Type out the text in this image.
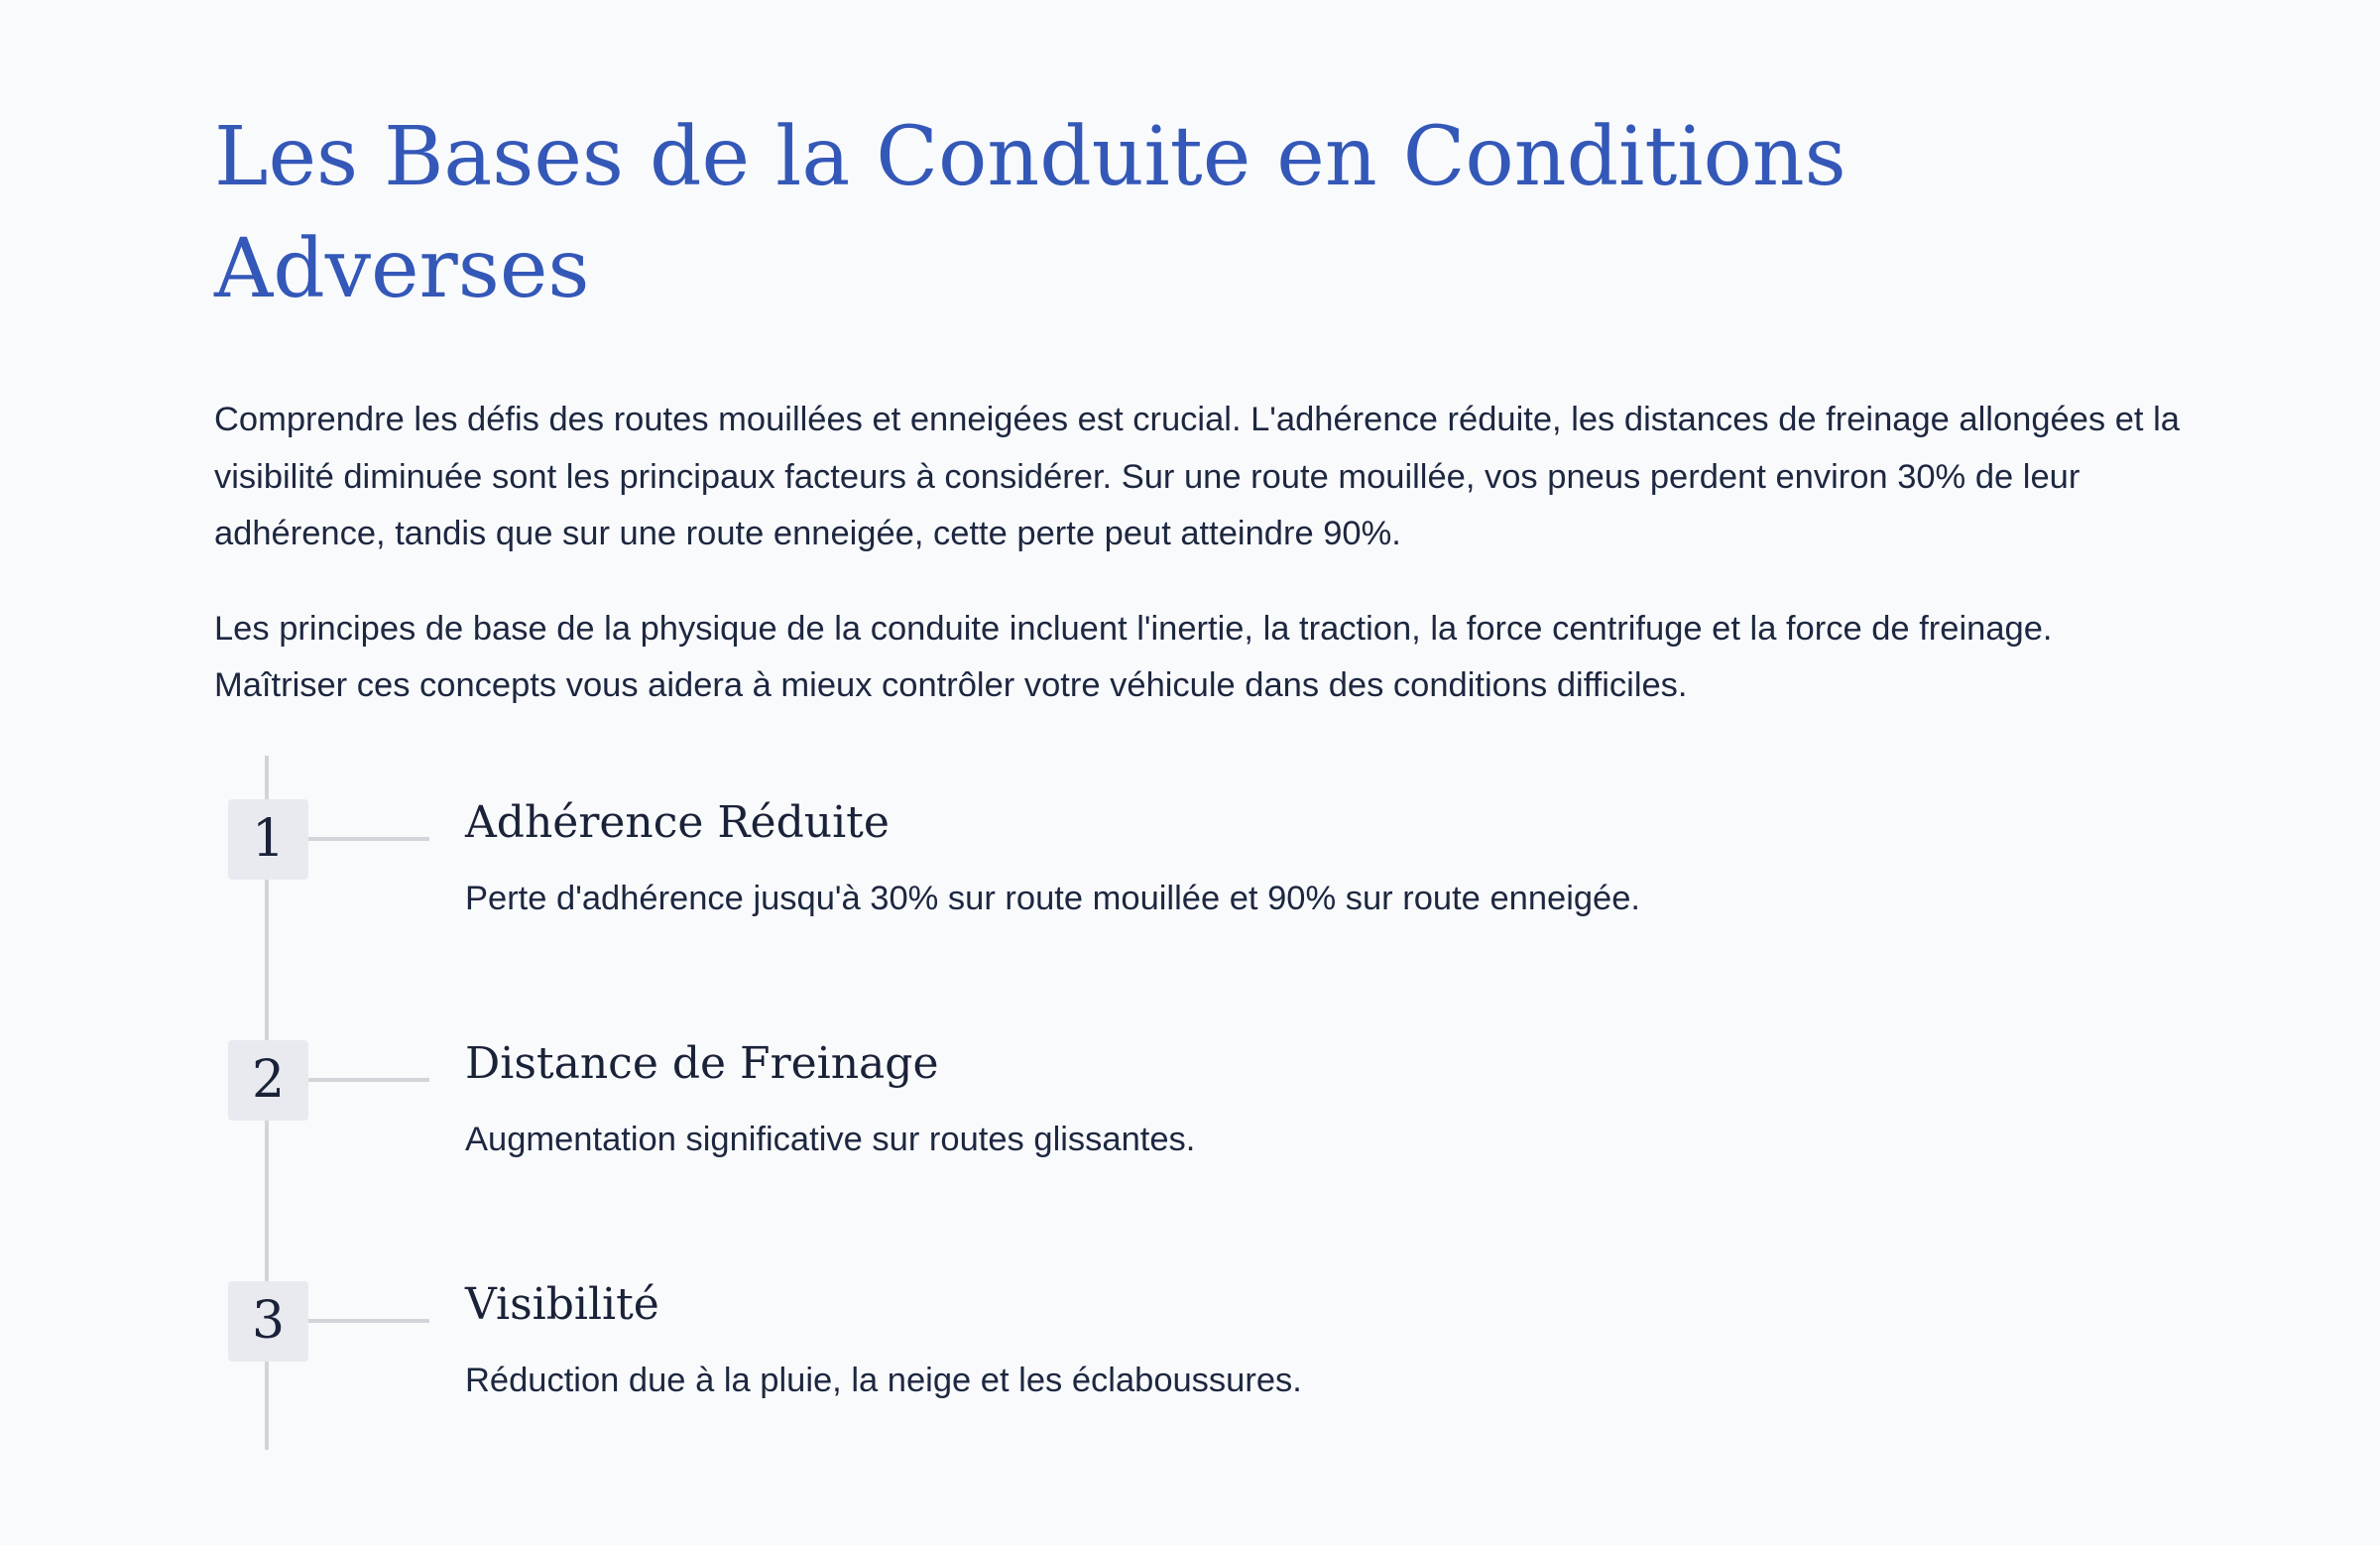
Les Bases de la Conduite en Conditions Adverses

Comprendre les défis des routes mouillées et enneigées est crucial. L'adhérence réduite, les distances de freinage allongées et la visibilité diminuée sont les principaux facteurs à considérer. Sur une route mouillée, vos pneus perdent environ 30% de leur adhérence, tandis que sur une route enneigée, cette perte peut atteindre 90%.

Les principes de base de la physique de la conduite incluent l'inertie, la traction, la force centrifuge et la force de freinage. Maîtriser ces concepts vous aidera à mieux contrôler votre véhicule dans des conditions difficiles.

1	Adhérence Réduite

Perte d'adhérence jusqu'à 30% sur route mouillée et 90% sur route enneigée.

2	Distance de Freinage

Augmentation significative sur routes glissantes.

3	Visibilité

Réduction due à la pluie, la neige et les éclaboussures.
